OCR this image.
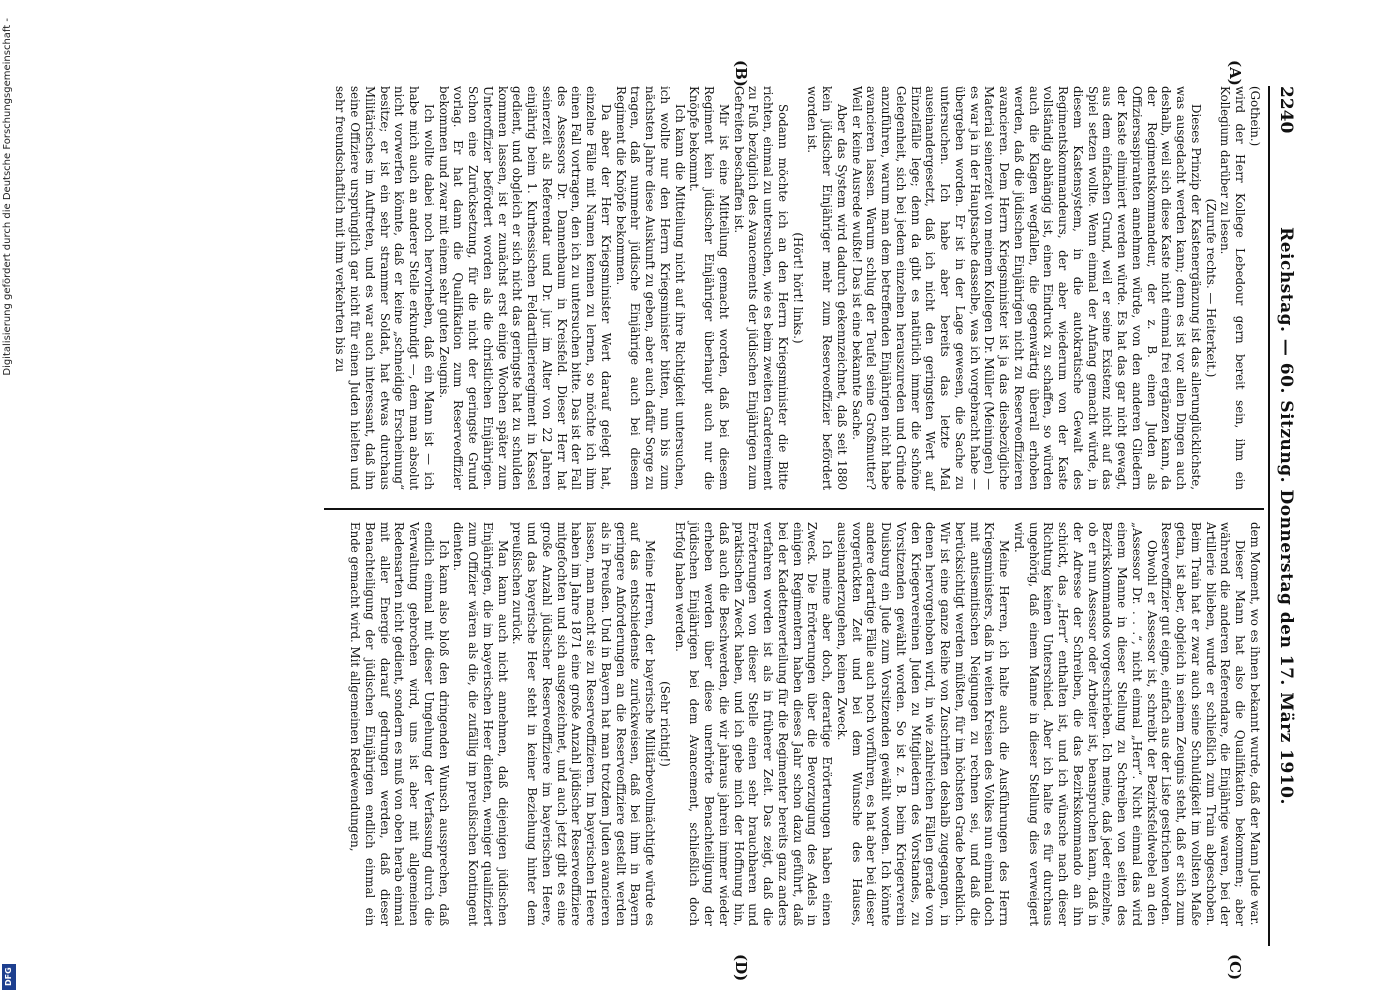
Digitalisierung gefördert durch die Deutsche Forschungsgemeinschaft -
DFG
2240
Reichstag. — 60. Sitzung. Donnerstag den 17. März 1910.
(A)
(B)
(C)
(D)

(Gothein.)

wird der Herr Kollege Lebedour gern bereit sein, ihm ein Kollegium darüber zu lesen.

(Zurufe rechts. — Heiterkeit.)

Dieses Prinzip der Kastenergänzung ist das allerunglücklichste, was ausgedacht werden kann; denn es ist vor allen Dingen auch deshalb, weil sich diese Kaste nicht einmal frei ergänzen kann, da der Regimentskommandeur, der z. B. einen Juden als Offiziersaspiranten annehmen würde, von den anderen Gliedern der Kaste eliminiert werden würde. Es hat das gar nicht gewagt, aus dem einfachen Grund, weil er seine Existenz nicht auf das Spiel setzen wollte. Wenn einmal der Anfang gemacht würde, in diesem Kastensystem, in die autokratische Gewalt des Regimentskommandeurs, der aber wiederum von der Kaste vollständig abhängig ist, einen Eindruck zu schaffen, so würden auch die Klagen wegfallen, die gegenwärtig überall erhoben werden, daß die jüdischen Einjährigen nicht zu Reserveoffizieren avancieren. Dem Herrn Kriegsminister ist ja das diesbezügliche Material seinerzeit von meinem Kollegen Dr. Müller (Meiningen) — es war ja in der Hauptsache dasselbe, was ich vorgebracht habe — übergeben worden. Er ist in der Lage gewesen, die Sache zu untersuchen. Ich habe aber bereits das letzte Mal auseinandergesetzt, daß ich nicht den geringsten Wert auf Einzelfälle lege; denn da gibt es natürlich immer die schöne Gelegenheit, sich bei jedem einzelnen herauszureden und Gründe anzuführen, warum man dem betreffenden Einjährigen nicht habe avancieren lassen. Warum schlug der Teufel seine Großmutter? Weil er keine Ausrede wußte! Das ist eine bekannte Sache.

Aber das System wird dadurch gekennzeichnet, daß seit 1880 kein jüdischer Einjähriger mehr zum Reserveoffizier befördert worden ist.

(Hört! hört! links.)

Sodann möchte ich an den Herrn Kriegsminister die Bitte richten, einmal zu untersuchen, wie es beim zweiten Gardereiment zu Fuß bezüglich des Avancements der jüdischen Einjährigen zum Gefreiten beschaffen ist.

Mir ist eine Mitteilung gemacht worden, daß bei diesem Regiment kein jüdischer Einjähriger überhaupt auch nur die Knöpfe bekommt.

Ich kann die Mitteilung nicht auf ihre Richtigkeit untersuchen, ich wollte nur den Herrn Kriegsminister bitten, nun bis zum nächsten Jahre diese Auskunft zu geben, aber auch dafür Sorge zu tragen, daß nunmehr jüdische Einjährige auch bei diesem Regiment die Knöpfe bekommen.

Da aber der Herr Kriegsminister Wert darauf gelegt hat, einzelne Fälle mit Namen kennen zu lernen, so möchte ich ihm einen Fall vortragen, den ich zu untersuchen bitte. Das ist der Fall des Assessors Dr. Dannenbaum in Kreisfeld. Dieser Herr hat seinerzeit als Referendar und Dr. jur. im Alter von 22 Jahren einjährig beim 1. Kurhessischen Feldartillerieregiment in Kassel gedient, und obgleich er sich nicht das geringste hat zu schulden kommen lassen, ist er zunächst erst einige Wochen später zum Unteroffizier befördert worden als die christlichen Einjährigen. Schon eine Zurücksetzung, für die nicht der geringste Grund vorlag. Er hat dann die Qualifikation zum Reserveoffizier bekommen und zwar mit einem sehr guten Zeugnis.

Ich wollte dabei noch hervorheben, daß ein Mann ist — ich habe mich auch an anderer Stelle erkundigt —, dem man absolut nicht vorwerfen könnte, daß er keine „schneidige Erscheinung“ besitze; er ist ein sehr strammer Soldat, hat etwas durchaus Militärisches im Auftreten, und es war auch interessant, daß ihn seine Offiziere ursprünglich gar nicht für einen Juden hielten und sehr freundschaftlich mit ihm verkehrten bis zu

dem Moment, wo es ihnen bekannt wurde, daß der Mann Jude war.

Dieser Mann hat also die Qualifikation bekommen; aber während die anderen Referendare, die Einjährige waren, bei der Artillerie blieben, wurde er schließlich zum Train abgeschoben. Beim Train hat er zwar auch seine Schuldigkeit im vollsten Maße getan, ist aber, obgleich in seinem Zeugnis steht, daß er sich zum Reserveoffizier gut eigne, einfach aus der Liste gestrichen worden.

Obwohl er Assessor ist, schreibt der Bezirksfeldwebel an den „Assessor Dr. . . .“, nicht einmal „Herr“. Nicht einmal das wird einem Manne in dieser Stellung zu Schreiben von seiten des Bezirkskommandos vorgeschrieben. Ich meine, daß jeder einzelne, ob er nun Assessor oder Arbeiter ist, beanspruchen kann, daß in der Adresse der Schreiben, die das Bezirkskommando an ihn schickt, das „Herr“ enthalten ist, und ich wünsche nach dieser Richtung keinen Unterschied. Aber ich halte es für durchaus ungehörig, daß einem Manne in dieser Stellung dies verweigert wird.

Meine Herren, ich halte auch die Ausführungen des Herrn Kriegsministers, daß in weiten Kreisen des Volkes nun einmal doch mit antisemitischen Neigungen zu rechnen sei, und daß die berücksichtigt werden müßten, für im höchsten Grade bedenklich. Wir ist eine ganze Reihe von Zuschriften deshalb zugegangen, in denen hervorgehoben wird, in wie zahlreichen Fällen gerade von den Kriegervereinen Juden zu Mitgliedern des Vorstandes, zu Vorsitzenden gewählt worden. So ist z. B. beim Kriegerverein Duisburg ein Jude zum Vorsitzenden gewählt worden. Ich könnte andere derartige Fälle auch noch vorführen, es hat aber bei dieser vorgerückten Zeit und bei dem Wunsche des Hauses, auseinanderzugehen, keinen Zweck.

Ich meine aber doch, derartige Erörterungen haben einen Zweck. Die Erörterungen über die Bevorzugung des Adels in einigen Regimentern haben dieses Jahr schon dazu geführt, daß bei der Kadettenverteilung für die Regimenter bereits ganz anders verfahren worden ist als in früherer Zeit. Das zeigt, daß die Erörterungen von dieser Stelle einen sehr brauchbaren und praktischen Zweck haben, und ich gebe mich der Hoffnung hin, daß auch die Beschwerden, die wir jahraus jahrein immer wieder erheben werden über diese unerhörte Benachteiligung der jüdischen Einjährigen bei dem Avancement, schließlich doch Erfolg haben werden.

(Sehr richtig!)

Meine Herren, der bayerische Militärbevollmächtigte würde es auf das entschiedenste zurückweisen, daß bei ihm in Bayern geringere Anforderungen an die Reserveoffiziere gestellt werden als in Preußen. Und in Bayern hat man trotzdem Juden avancieren lassen, man macht sie zu Reserveoffizieren. Im bayerischen Heere haben im Jahre 1871 eine große Anzahl jüdischer Reserveoffiziere mitgefochten und sich ausgezeichnet, und auch jetzt gibt es eine große Anzahl jüdischer Reserveoffiziere im bayerischen Heere, und das bayerische Heer steht in keiner Beziehung hinter dem preußischen zurück.

Man kann auch nicht annehmen, daß diejenigen jüdischen Einjährigen, die im bayerischen Heer dienten, weniger qualifiziert zum Offizier wären als die, die zufällig im preußischen Kontingent dienten.

Ich kann also bloß den dringenden Wunsch aussprechen, daß endlich einmal mit dieser Umgehung der Verfassung durch die Verwaltung gebrochen wird, uns ist aber mit allgemeinen Redensarten nicht gedient, sondern es muß von oben herab einmal mit aller Energie darauf gedrungen werden, daß dieser Benachteiligung der jüdischen Einjährigen endlich einmal ein Ende gemacht wird. Mit allgemeinen Redewendungen,
